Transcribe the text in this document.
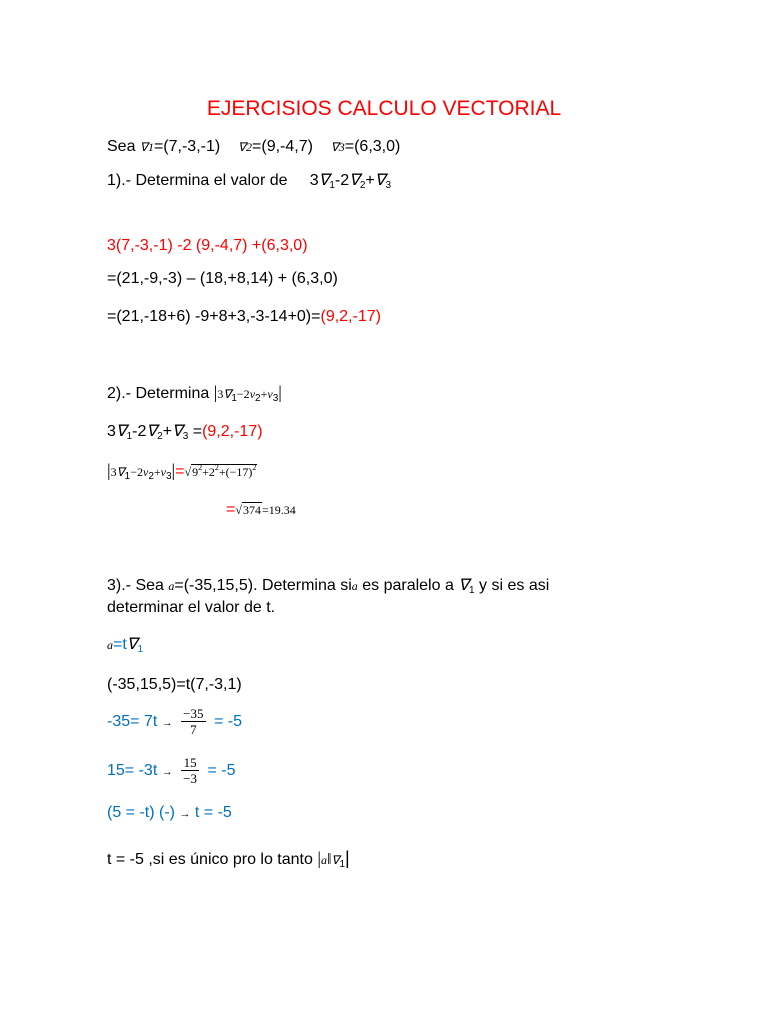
EJERCISIOS CALCULO VECTORIAL
Sea ∇1=(7,-3,-1) ∇2=(9,-4,7) ∇3=(6,3,0)
1).- Determina el valor de $3\nabla_1-2\nabla_2+\nabla_3$
3(7,-3,-1) -2 (9,-4,7) +(6,3,0)
=(21,-9,-3) – (18,+8,14) + (6,3,0)
=(21,-18+6) -9+8+3,-3-14+0)=(9,2,-17)
2).- Determina $|3\nabla_1-2v_2+v_3|$
$3\nabla_1-2\nabla_2+\nabla_3 =(9,2,-17)$
$|3\nabla_1-2v_2+v_3|=√9^2+2^2+(-17)^2$
=√374=19.34
3).- Sea a=(-35,15,5). Determina sia es paralelo a $\nabla_1$ y si es asi
determinar el valor de t.
$a=t\nabla_1$
(-35,15,5)=t(7,-3,1)
$-35= 7t \to \frac{-35}{7} = -5$
$15= -3t \to \frac{15}{-3} = -5$
(5 = -t) (-) → t = -5
t = -5 ,si es único pro lo tanto $|a‖\nabla_1|$
